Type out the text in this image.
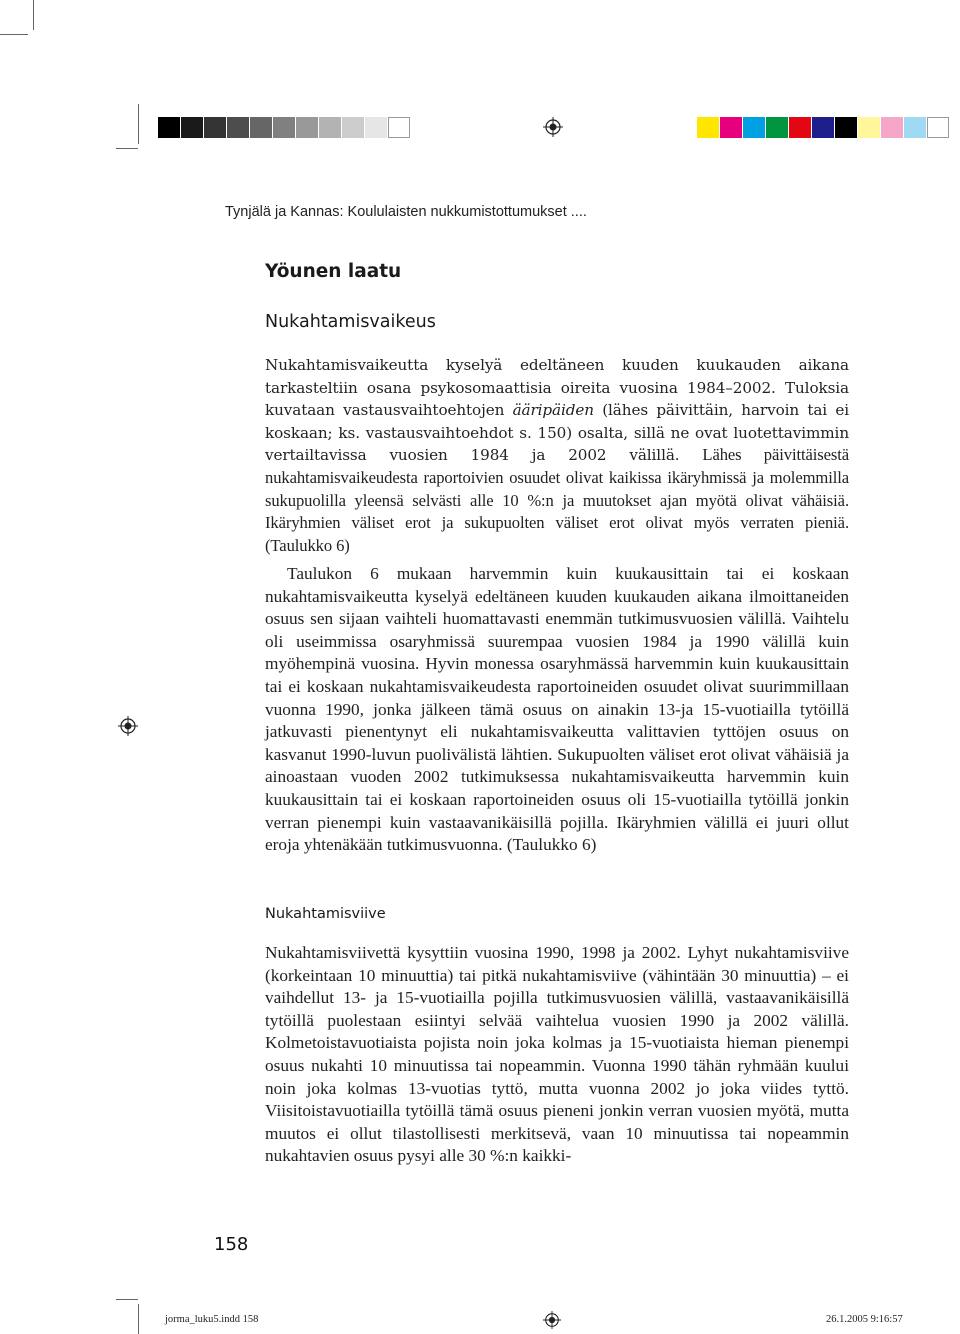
Tynjälä ja Kannas: Koululaisten nukkumistottumukset ....
Yöunen laatu
Nukahtamisvaikeus

Nukahtamisvaikeutta kyselyä edeltäneen kuuden kuukauden aikana tarkasteltiin osana psykosomaattisia oireita vuosina 1984–2002. Tuloksia kuvataan vastausvaihtoehtojen ääripäiden (lähes päivittäin, harvoin tai ei koskaan; ks. vastausvaihtoehdot s. 150) osalta, sillä ne ovat luotettavimmin vertailtavissa vuosien 1984 ja 2002 välillä. Lähes päivittäisestä nukahtamisvaikeudesta raportoivien osuudet olivat kaikissa ikäryhmissä ja molemmilla sukupuolilla yleensä selvästi alle 10 %:n ja muutokset ajan myötä olivat vähäisiä. Ikäryhmien väliset erot ja sukupuolten väliset erot olivat myös verraten pieniä. (Taulukko 6)

Taulukon 6 mukaan harvemmin kuin kuukausittain tai ei koskaan nukahtamisvaikeutta kyselyä edeltäneen kuuden kuukauden aikana ilmoittaneiden osuus sen sijaan vaihteli huomattavasti enemmän tutkimusvuosien välillä. Vaihtelu oli useimmissa osaryhmissä suurempaa vuosien 1984 ja 1990 välillä kuin myöhempinä vuosina. Hyvin monessa osaryhmässä harvemmin kuin kuukausittain tai ei koskaan nukahtamisvaikeudesta raportoineiden osuudet olivat suurimmillaan vuonna 1990, jonka jälkeen tämä osuus on ainakin 13-ja 15-vuotiailla tytöillä jatkuvasti pienentynyt eli nukahtamisvaikeutta valittavien tyttöjen osuus on kasvanut 1990-luvun puolivälistä lähtien. Sukupuolten väliset erot olivat vähäisiä ja ainoastaan vuoden 2002 tutkimuksessa nukahtamisvaikeutta harvemmin kuin kuukausittain tai ei koskaan raportoineiden osuus oli 15-vuotiailla tytöillä jonkin verran pienempi kuin vastaavanikäisillä pojilla. Ikäryhmien välillä ei juuri ollut eroja yhtenäkään tutkimusvuonna. (Taulukko 6)

Nukahtamisviive

Nukahtamisviivettä kysyttiin vuosina 1990, 1998 ja 2002. Lyhyt nukahtamisviive (korkeintaan 10 minuuttia) tai pitkä nukahtamisviive (vähintään 30 minuuttia) – ei vaihdellut 13- ja 15-vuotiailla pojilla tutkimusvuosien välillä, vastaavanikäisillä tytöillä puolestaan esiintyi selvää vaihtelua vuosien 1990 ja 2002 välillä. Kolmetoistavuotiaista pojista noin joka kolmas ja 15-vuotiaista hieman pienempi osuus nukahti 10 minuutissa tai nopeammin. Vuonna 1990 tähän ryhmään kuului noin joka kolmas 13-vuotias tyttö, mutta vuonna 2002 jo joka viides tyttö. Viisitoistavuotiailla tytöillä tämä osuus pieneni jonkin verran vuosien myötä, mutta muutos ei ollut tilastollisesti merkitsevä, vaan 10 minuutissa tai nopeammin nukahtavien osuus pysyi alle 30 %:n kaikki-

158
jorma_luku5.indd 158	26.1.2005 9:16:57
